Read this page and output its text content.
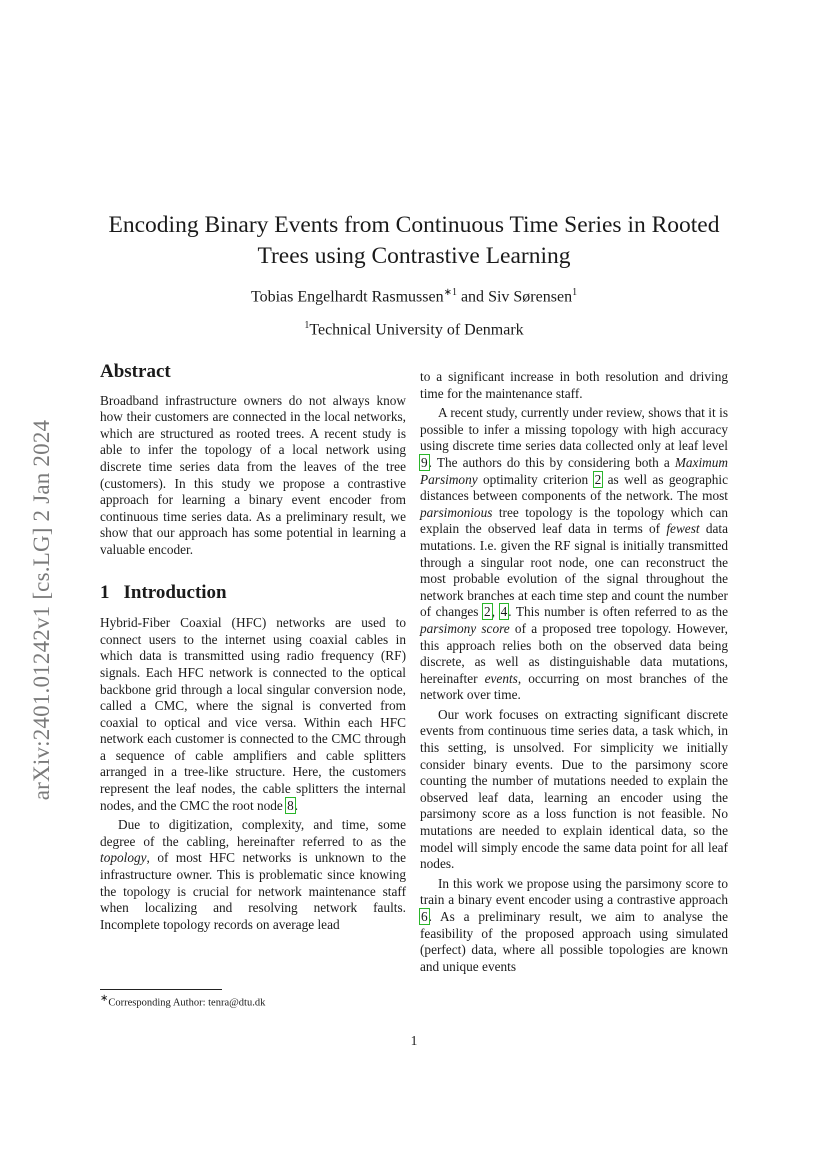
arXiv:2401.01242v1 [cs.LG] 2 Jan 2024
Encoding Binary Events from Continuous Time Series in Rooted
Trees using Contrastive Learning
Tobias Engelhardt Rasmussen$^{∗1}$ and Siv Sørensen$^1$
$^1$Technical University of Denmark
Abstract

Broadband infrastructure owners do not always know how their customers are connected in the local networks, which are structured as rooted trees. A recent study is able to infer the topology of a local network using discrete time series data from the leaves of the tree (customers). In this study we propose a contrastive approach for learning a binary event encoder from continuous time series data. As a preliminary result, we show that our approach has some potential in learning a valuable encoder.

1 Introduction

Hybrid-Fiber Coaxial (HFC) networks are used to connect users to the internet using coaxial cables in which data is transmitted using radio frequency (RF) signals. Each HFC network is connected to the optical backbone grid through a local singular conversion node, called a CMC, where the signal is converted from coaxial to optical and vice versa. Within each HFC network each customer is connected to the CMC through a sequence of cable amplifiers and cable splitters arranged in a tree-like structure. Here, the customers represent the leaf nodes, the cable splitters the internal nodes, and the CMC the root node 8.

Due to digitization, complexity, and time, some degree of the cabling, hereinafter referred to as the topology, of most HFC networks is unknown to the infrastructure owner. This is problematic since knowing the topology is crucial for network maintenance staff when localizing and resolving network faults. Incomplete topology records on average lead

to a significant increase in both resolution and driving time for the maintenance staff.

A recent study, currently under review, shows that it is possible to infer a missing topology with high accuracy using discrete time series data collected only at leaf level 9. The authors do this by considering both a Maximum Parsimony optimality criterion 2 as well as geographic distances between components of the network. The most parsimonious tree topology is the topology which can explain the observed leaf data in terms of fewest data mutations. I.e. given the RF signal is initially transmitted through a singular root node, one can reconstruct the most probable evolution of the signal throughout the network branches at each time step and count the number of changes 2, 4. This number is often referred to as the parsimony score of a proposed tree topology. However, this approach relies both on the observed data being discrete, as well as distinguishable data mutations, hereinafter events, occurring on most branches of the network over time.

Our work focuses on extracting significant discrete events from continuous time series data, a task which, in this setting, is unsolved. For simplicity we initially consider binary events. Due to the parsimony score counting the number of mutations needed to explain the observed leaf data, learning an encoder using the parsimony score as a loss function is not feasible. No mutations are needed to explain identical data, so the model will simply encode the same data point for all leaf nodes.

In this work we propose using the parsimony score to train a binary event encoder using a contrastive approach 6. As a preliminary result, we aim to analyse the feasibility of the proposed approach using simulated (perfect) data, where all possible topologies are known and unique events

∗Corresponding Author: tenra@dtu.dk
1
